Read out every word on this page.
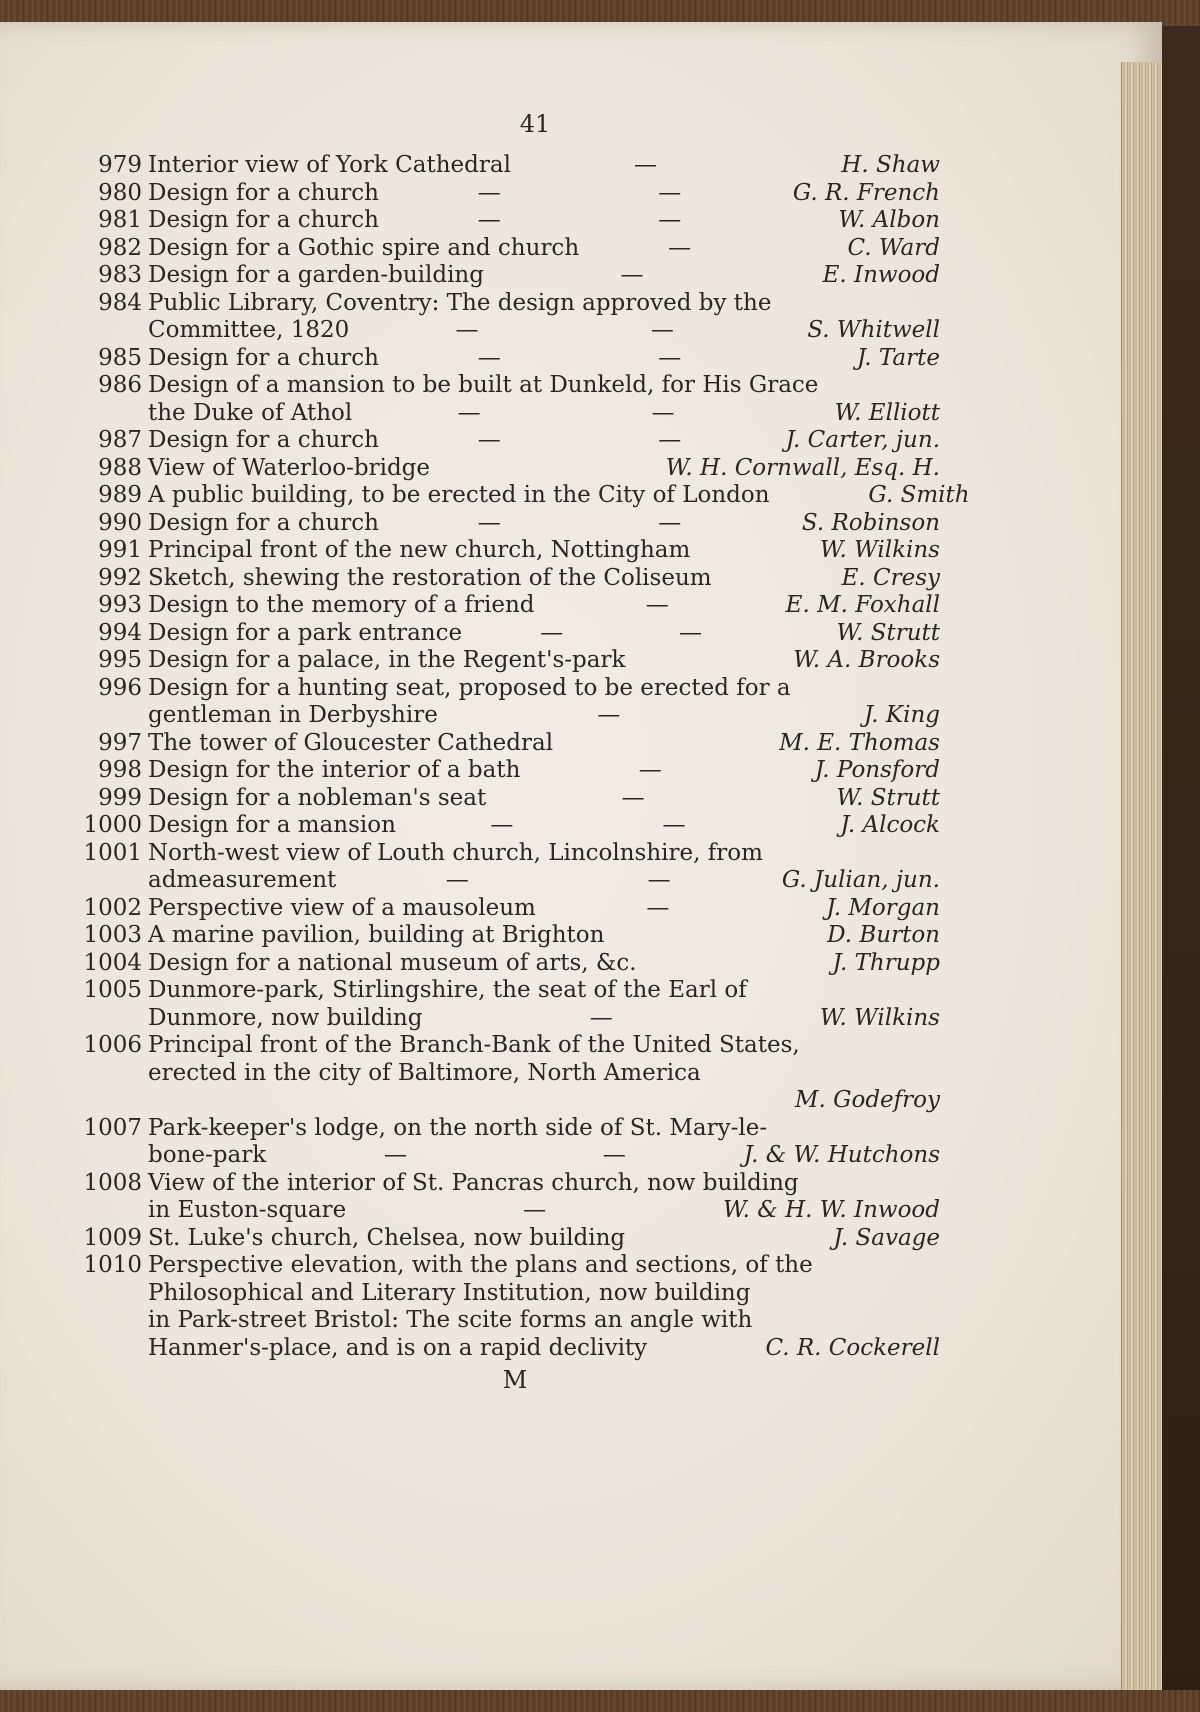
41
979 Interior view of York Cathedral	—	H. Shaw
980 Design for a church	—	—	G. R. French
981 Design for a church	—	—	W. Albon
982 Design for a Gothic spire and church	—	C. Ward
983 Design for a garden-building	—	E. Inwood
984 Public Library, Coventry: The design approved by the
Committee, 1820	—	—	S. Whitwell
985 Design for a church	—	—	J. Tarte
986 Design of a mansion to be built at Dunkeld, for His Grace
the Duke of Athol	—	—	W. Elliott
987 Design for a church	—	—	J. Carter, jun.
988 View of Waterloo-bridge	W. H. Cornwall, Esq. H.
989 A public building, to be erected in the City of London	G. Smith
990 Design for a church	—	—	S. Robinson
991 Principal front of the new church, Nottingham	W. Wilkins
992 Sketch, shewing the restoration of the Coliseum	E. Cresy
993 Design to the memory of a friend	—	E. M. Foxhall
994 Design for a park entrance	—	—	W. Strutt
995 Design for a palace, in the Regent's-park	W. A. Brooks
996 Design for a hunting seat, proposed to be erected for a
gentleman in Derbyshire	—	J. King
997 The tower of Gloucester Cathedral	M. E. Thomas
998 Design for the interior of a bath	—	J. Ponsford
999 Design for a nobleman's seat	—	W. Strutt
1000 Design for a mansion	—	—	J. Alcock
1001 North-west view of Louth church, Lincolnshire, from
admeasurement	—	—	G. Julian, jun.
1002 Perspective view of a mausoleum	—	J. Morgan
1003 A marine pavilion, building at Brighton	D. Burton
1004 Design for a national museum of arts, &c.	J. Thrupp
1005 Dunmore-park, Stirlingshire, the seat of the Earl of
Dunmore, now building	—	W. Wilkins
1006 Principal front of the Branch-Bank of the United States,
erected in the city of Baltimore, North America
M. Godefroy
1007 Park-keeper's lodge, on the north side of St. Mary-le-
bone-park	—	—	J. & W. Hutchons
1008 View of the interior of St. Pancras church, now building
in Euston-square	—	W. & H. W. Inwood
1009 St. Luke's church, Chelsea, now building	J. Savage
1010 Perspective elevation, with the plans and sections, of the
Philosophical and Literary Institution, now building
in Park-street Bristol: The scite forms an angle with
Hanmer's-place, and is on a rapid declivity	C. R. Cockerell
M
